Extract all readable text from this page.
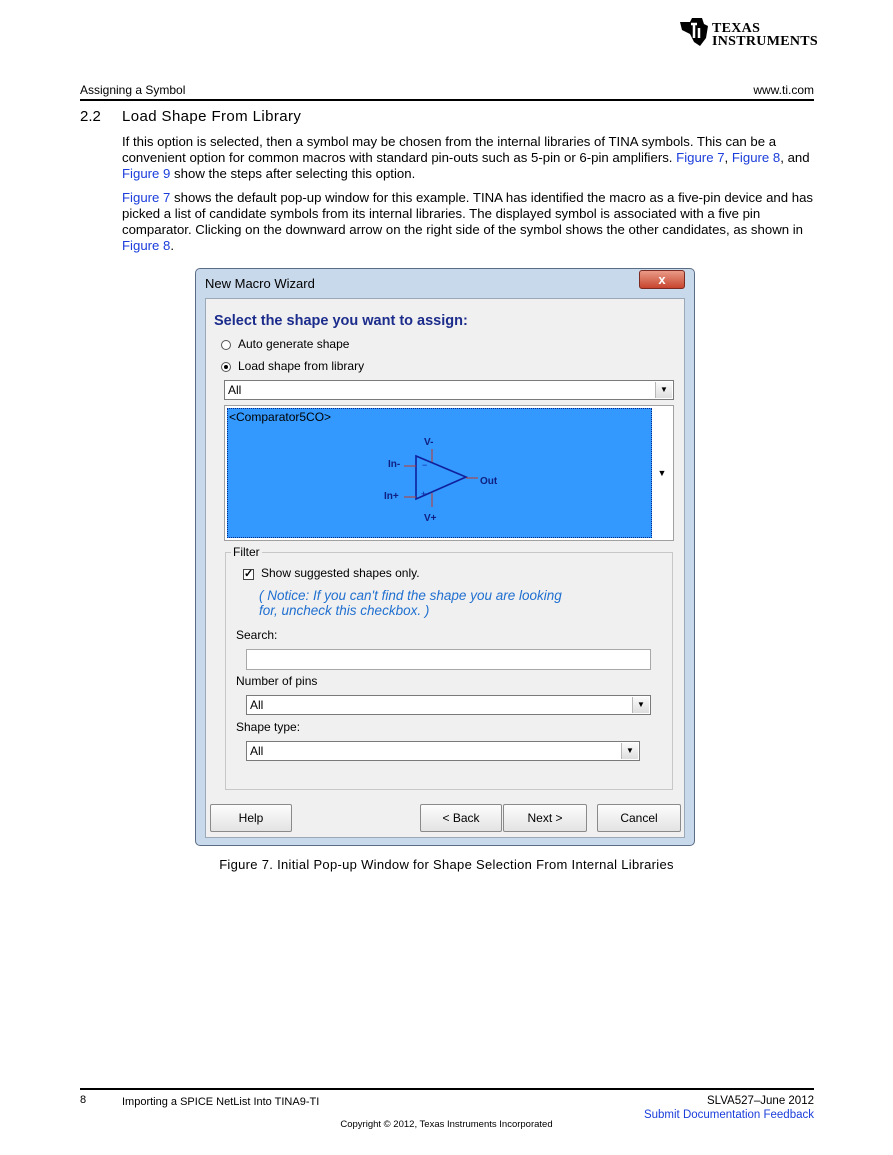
TEXAS
INSTRUMENTS
Assigning a Symbol	www.ti.com
2.2 Load Shape From Library
If this option is selected, then a symbol may be chosen from the internal libraries of TINA symbols. This can be a convenient option for common macros with standard pin-outs such as 5-pin or 6-pin amplifiers. Figure 7, Figure 8, and Figure 9 show the steps after selecting this option.
Figure 7 shows the default pop-up window for this example. TINA has identified the macro as a five-pin device and has picked a list of candidate symbols from its internal libraries. The displayed symbol is associated with a five pin comparator. Clicking on the downward arrow on the right side of the symbol shows the other candidates, as shown in Figure 8.
New Macro Wizard	x
Select the shape you want to assign:
Auto generate shape
Load shape from library
All	▼
<Comparator5CO>
−
+
V-
In-
Out
In+
V+
▼
Filter
✓ Show suggested shapes only.
( Notice: If you can't find the shape you are looking
for, uncheck this checkbox. )
Search:
Number of pins
All	▼
Shape type:
All	▼
Help	< Back	Next >	Cancel
Figure 7. Initial Pop-up Window for Shape Selection From Internal Libraries
8	Importing a SPICE NetList Into TINA9-TI	SLVA527–June 2012
Submit Documentation Feedback
Copyright © 2012, Texas Instruments Incorporated
